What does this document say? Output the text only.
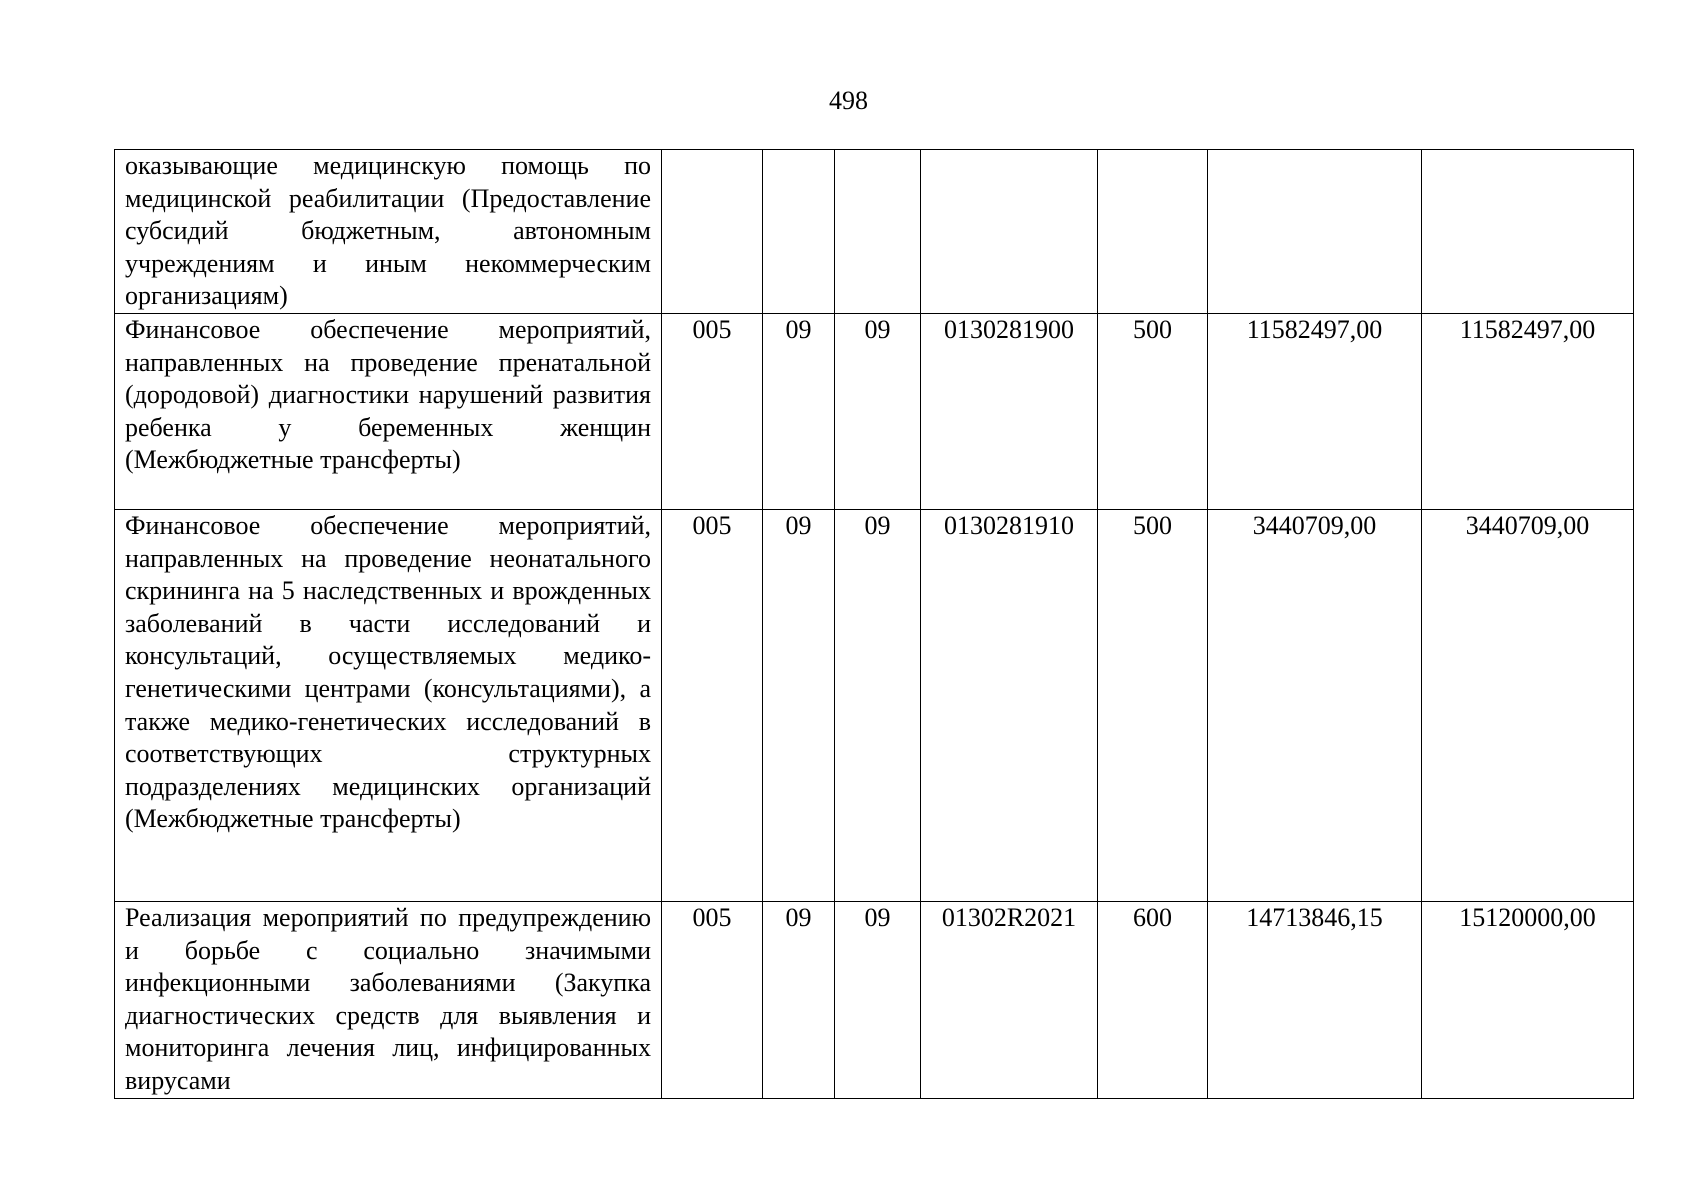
498
оказывающие медицинскую помощь по медицинской реабилитации (Предоставление субсидий бюджетным, автономным учреждениям и иным некоммерческим организациям)							
Финансовое обеспечение мероприятий, направленных на проведение пренатальной (дородовой) диагностики нарушений развития ребенка у беременных женщин (Межбюджетные трансферты)	005	09	09	0130281900	500	11582497,00	11582497,00
Финансовое обеспечение мероприятий, направленных на проведение неонатального скрининга на 5 наследственных и врожденных заболеваний в части исследований и консультаций, осуществляемых медико-генетическими центрами (консультациями), а также медико-генетических исследований в соответствующих структурных подразделениях медицинских организаций (Межбюджетные трансферты)	005	09	09	0130281910	500	3440709,00	3440709,00
Реализация мероприятий по предупреждению и борьбе с социально значимыми инфекционными заболеваниями (Закупка диагностических средств для выявления и мониторинга лечения лиц, инфицированных вирусами	005	09	09	01302R2021	600	14713846,15	15120000,00
